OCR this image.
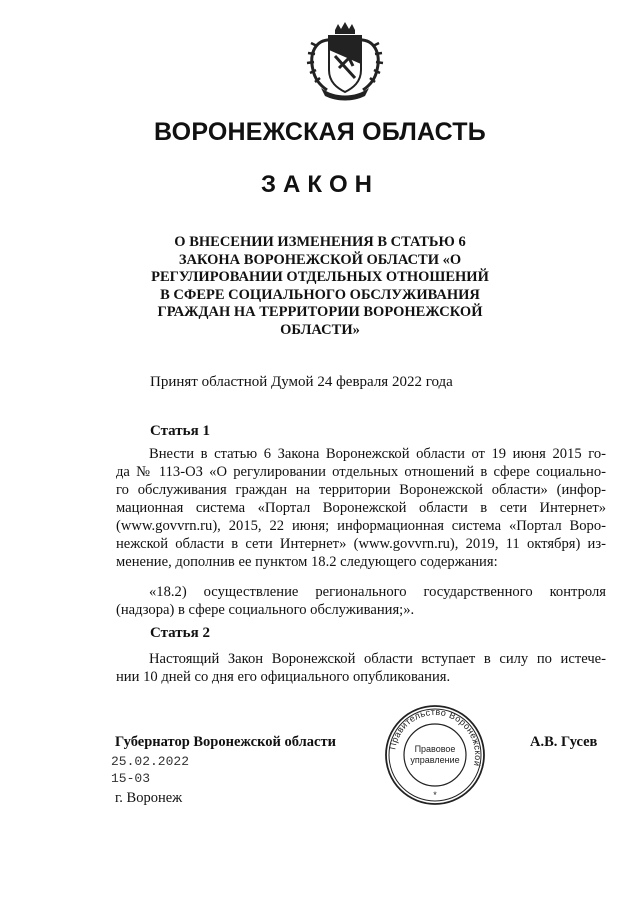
ВОРОНЕЖСКАЯ ОБЛАСТЬ
ЗАКОН
О ВНЕСЕНИИ ИЗМЕНЕНИЯ В СТАТЬЮ 6
ЗАКОНА ВОРОНЕЖСКОЙ ОБЛАСТИ «О
РЕГУЛИРОВАНИИ ОТДЕЛЬНЫХ ОТНОШЕНИЙ
В СФЕРЕ СОЦИАЛЬНОГО ОБСЛУЖИВАНИЯ
ГРАЖДАН НА ТЕРРИТОРИИ ВОРОНЕЖСКОЙ
ОБЛАСТИ»
Принят областной Думой 24 февраля 2022 года
Статья 1
Внести в статью 6 Закона Воронежской области от 19 июня 2015 го-
да № 113-ОЗ «О регулировании отдельных отношений в сфере социально-
го обслуживания граждан на территории Воронежской области» (инфор-
мационная система «Портал Воронежской области в сети Интернет»
(www.govvrn.ru), 2015, 22 июня; информационная система «Портал Воро-
нежской области в сети Интернет» (www.govvrn.ru), 2019, 11 октября) из-
менение, дополнив ее пунктом 18.2 следующего содержания:
«18.2) осуществление регионального государственного контроля
(надзора) в сфере социального обслуживания;».
Статья 2
Настоящий Закон Воронежской области вступает в силу по истече-
нии 10 дней со дня его официального опубликования.
Губернатор Воронежской области	А.В. Гусев
25.02.2022
15-03
г. Воронеж
Правительство Воронежской
Правовое
управление
*
